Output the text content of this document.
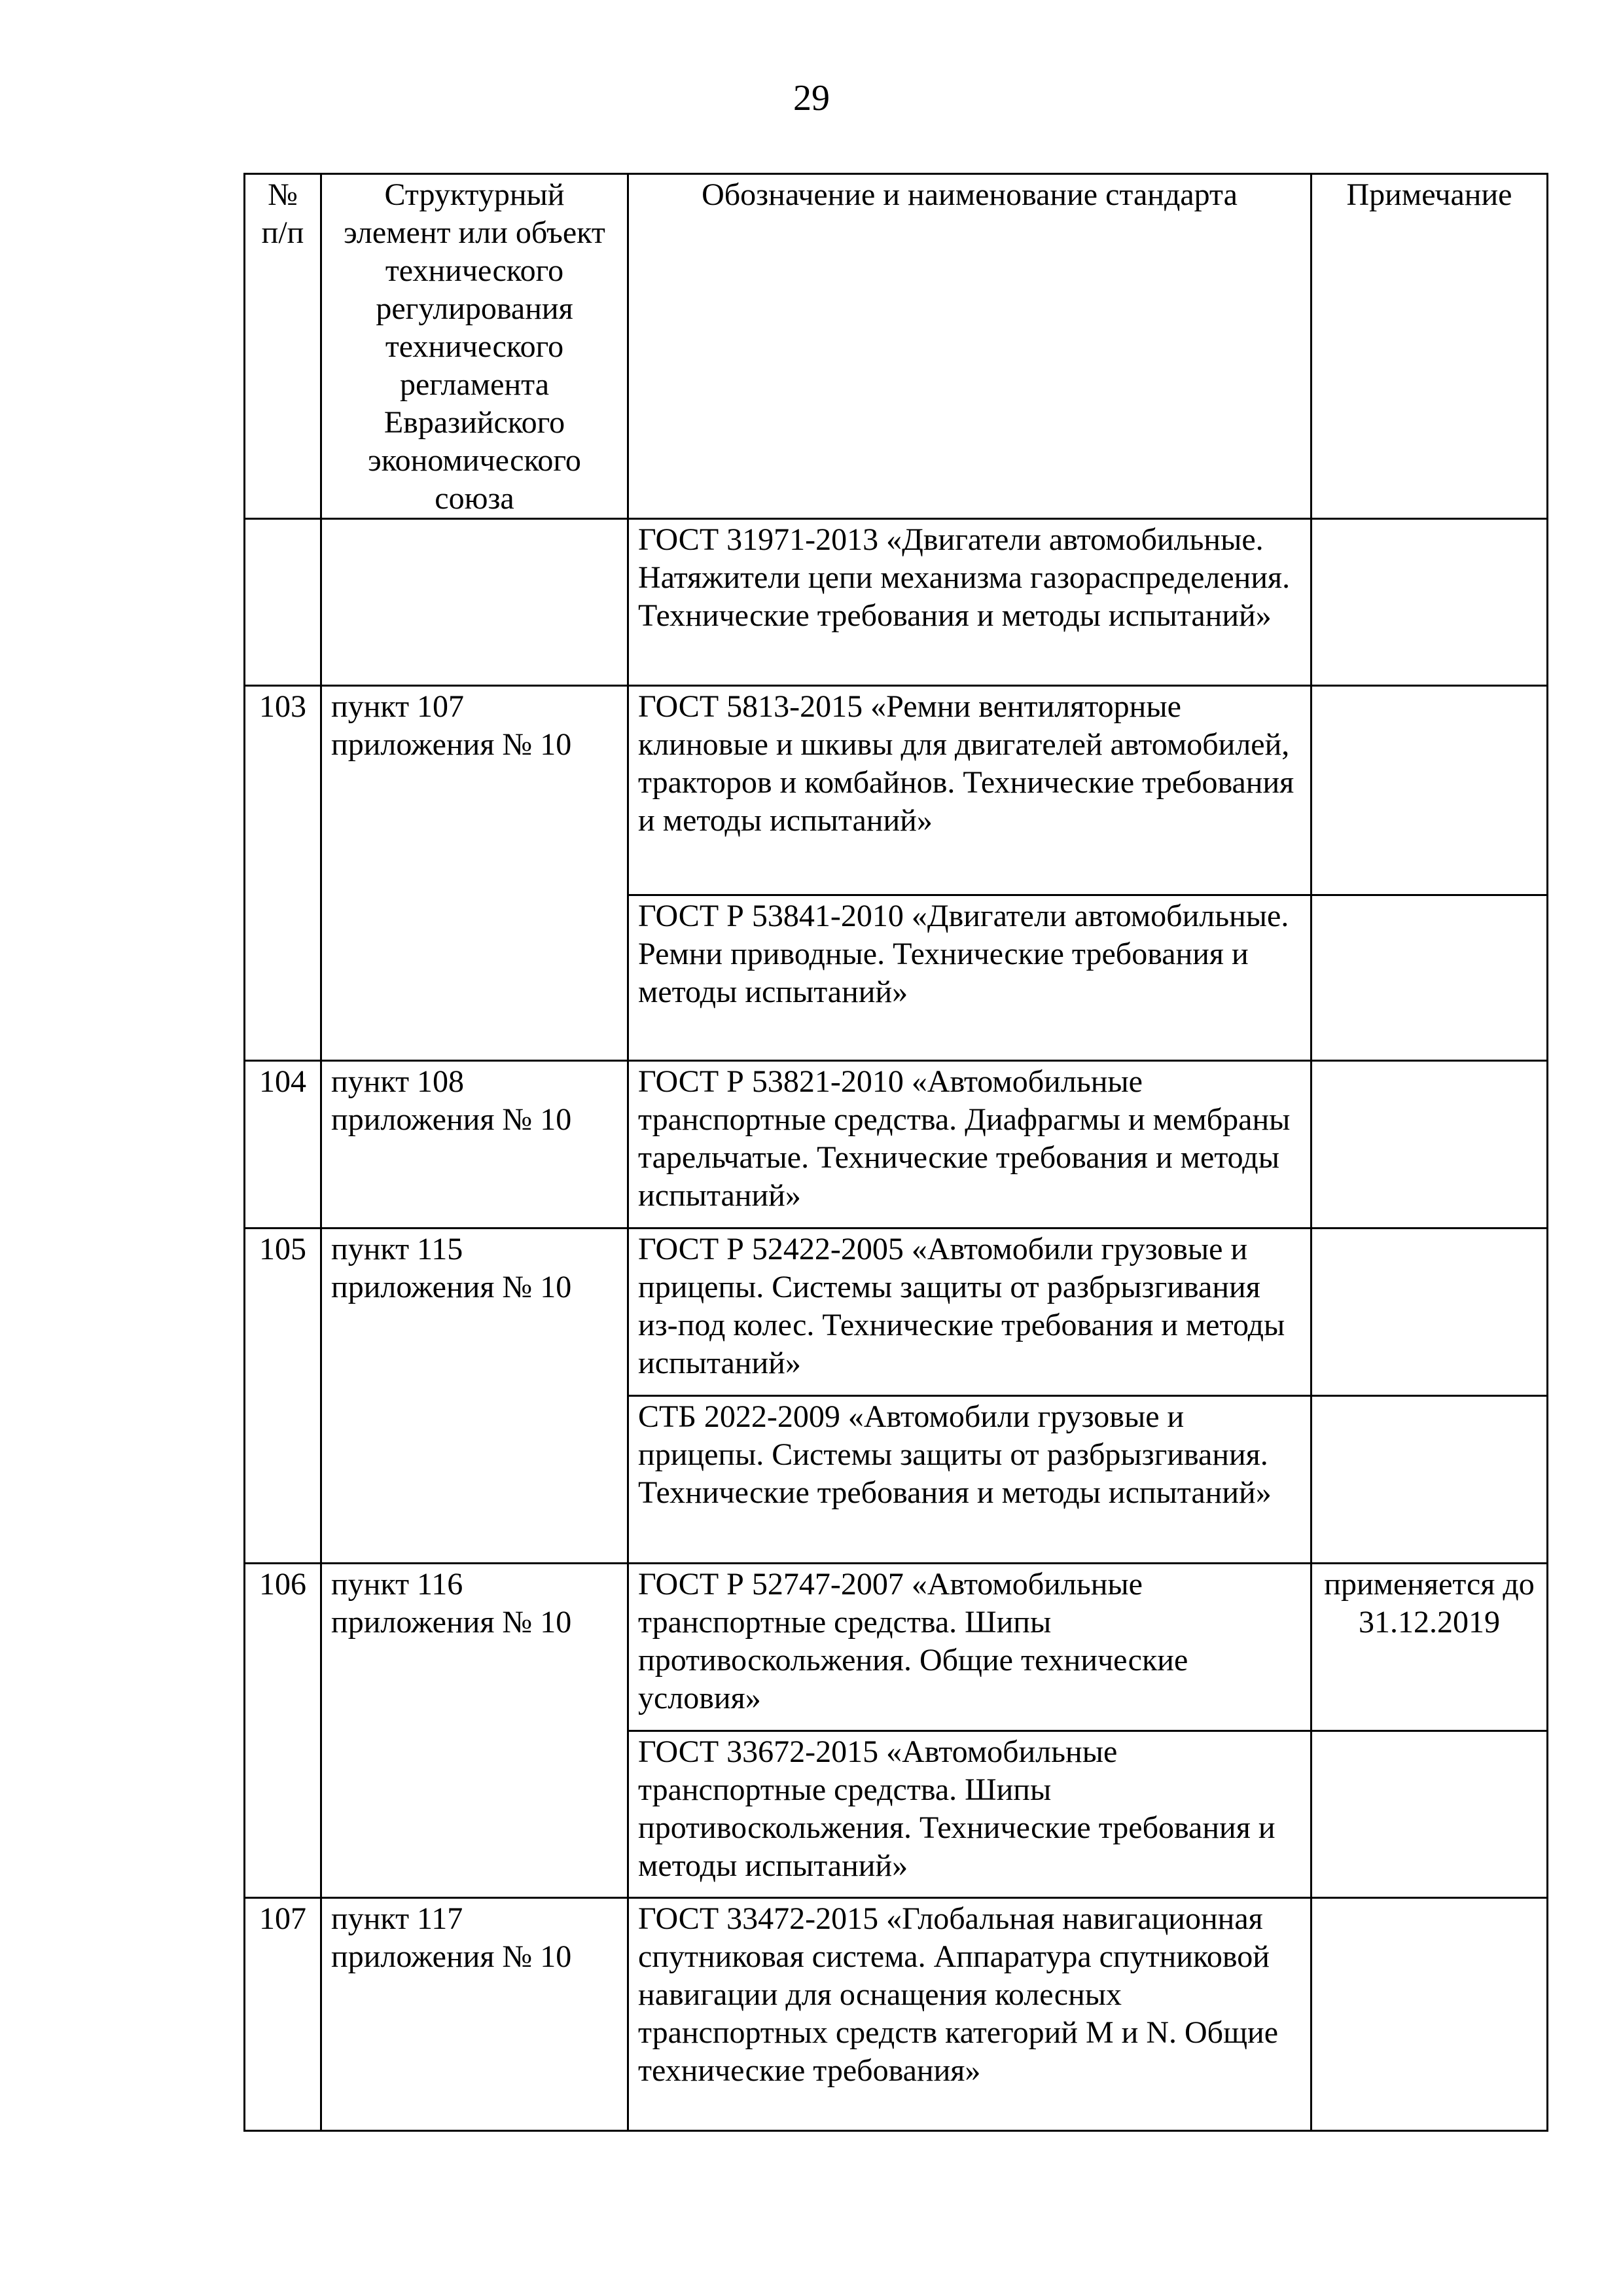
29
№ п/п	Структурный элемент или объект технического регулирования технического регламента Евразийского экономического союза	Обозначение и наименование стандарта	Примечание
		ГОСТ 31971-2013 «Двигатели автомобильные. Натяжители цепи механизма газораспределения. Технические требования и методы испытаний»	
103	пункт 107 приложения № 10	ГОСТ 5813-2015 «Ремни вентиляторные клиновые и шкивы для двигателей автомобилей, тракторов и комбайнов. Технические требования и методы испытаний»	
		ГОСТ Р 53841-2010 «Двигатели автомобильные. Ремни приводные. Технические требования и методы испытаний»	
104	пункт 108 приложения № 10	ГОСТ Р 53821-2010 «Автомобильные транспортные средства. Диафрагмы и мембраны тарельчатые. Технические требования и методы испытаний»	
105	пункт 115 приложения № 10	ГОСТ Р 52422-2005 «Автомобили грузовые и прицепы. Системы защиты от разбрызгивания из-под колес. Технические требования и методы испытаний»	
		СТБ 2022-2009 «Автомобили грузовые и прицепы. Системы защиты от разбрызгивания. Технические требования и методы испытаний»	
106	пункт 116 приложения № 10	ГОСТ Р 52747-2007 «Автомобильные транспортные средства. Шипы противоскольжения. Общие технические условия»	применяется до 31.12.2019
		ГОСТ 33672-2015 «Автомобильные транспортные средства. Шипы противоскольжения. Технические требования и методы испытаний»	
107	пункт 117 приложения № 10	ГОСТ 33472-2015 «Глобальная навигационная спутниковая система. Аппаратура спутниковой навигации для оснащения колесных транспортных средств категорий M и N. Общие технические требования»	
